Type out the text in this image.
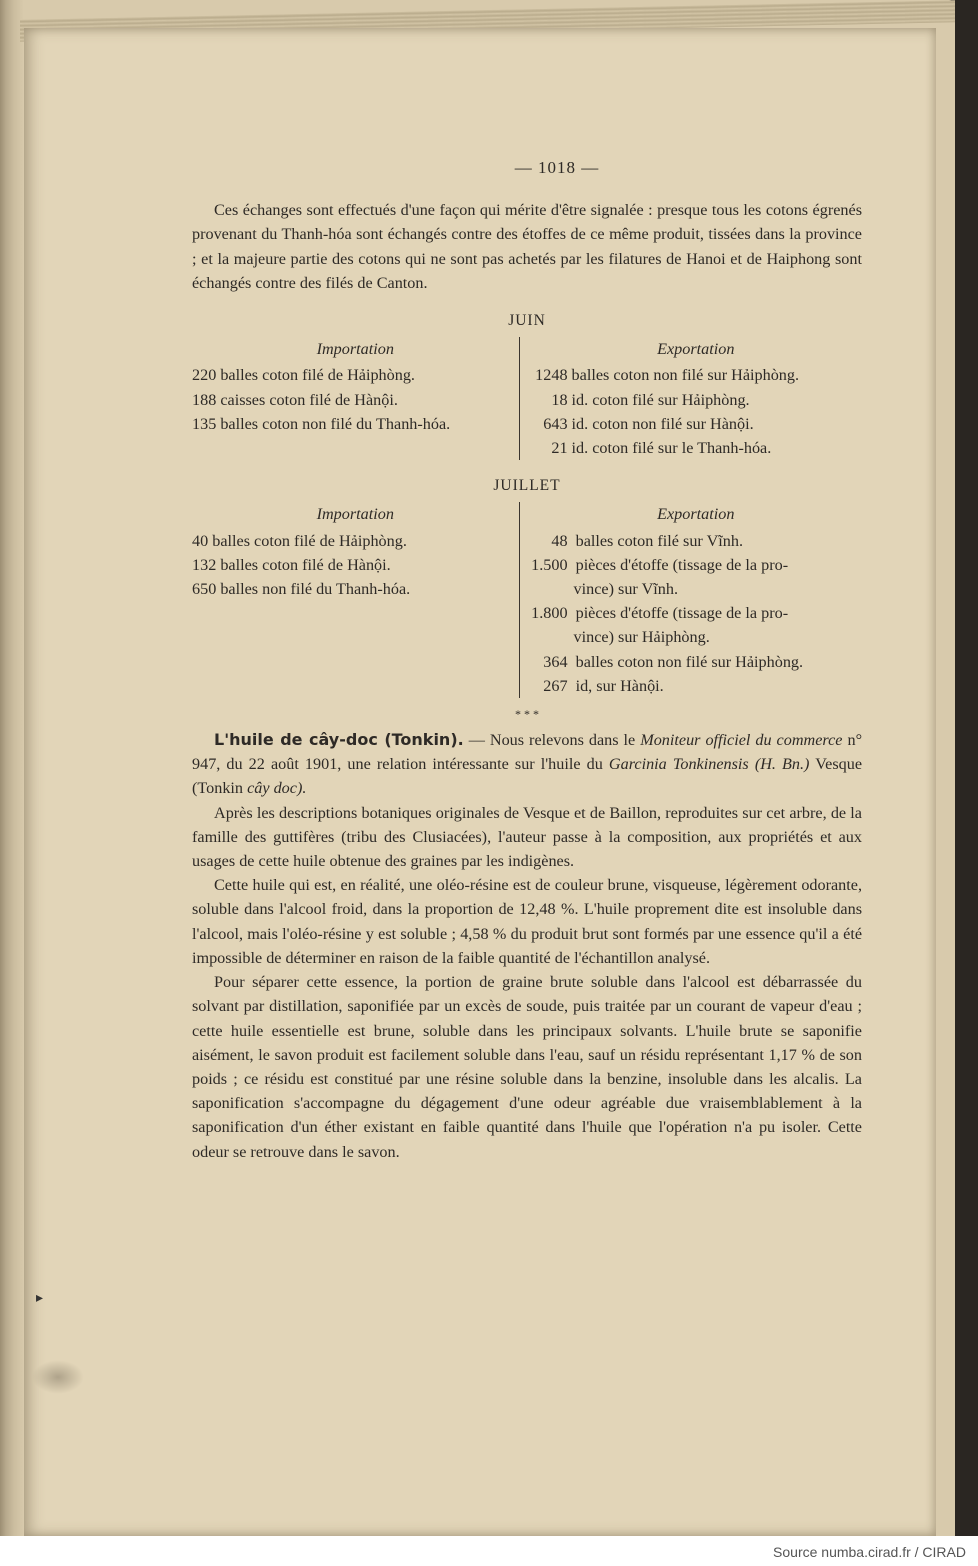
▸
— 1018 —

Ces échanges sont effectués d'une façon qui mérite d'être signalée : presque tous les cotons égrenés provenant du Thanh-hóa sont échangés contre des étoffes de ce même produit, tissées dans la province ; et la majeure partie des cotons qui ne sont pas achetés par les filatures de Hanoi et de Haiphong sont échangés contre des filés de Canton.

JUIN
Importation
220 balles coton filé de Hảiphòng.
188 caisses coton filé de Hànội.
135 balles coton non filé du Thanh-hóa.
Exportation
1248 balles coton non filé sur Hảiphòng.
18 id. coton filé sur Hảiphòng.
643 id. coton non filé sur Hànội.
21 id. coton filé sur le Thanh-hóa.
JUILLET
Importation
40 balles coton filé de Hảiphòng.
132 balles coton filé de Hànội.
650 balles non filé du Thanh-hóa.
Exportation
48 balles coton filé sur Vĩnh.
1.500 pièces d'étoffe (tissage de la pro-
vince) sur Vĩnh.
1.800 pièces d'étoffe (tissage de la pro-
vince) sur Hảiphòng.
364 balles coton non filé sur Hảiphòng.
267 id, sur Hànội.
* * *

L'huile de cây-doc (Tonkin). — Nous relevons dans le Moniteur officiel du commerce n° 947, du 22 août 1901, une relation intéressante sur l'huile du Garcinia Tonkinensis (H. Bn.) Vesque (Tonkin cây doc).

Après les descriptions botaniques originales de Vesque et de Baillon, reproduites sur cet arbre, de la famille des guttifères (tribu des Clusiacées), l'auteur passe à la composition, aux propriétés et aux usages de cette huile obtenue des graines par les indigènes.

Cette huile qui est, en réalité, une oléo-résine est de couleur brune, visqueuse, légèrement odorante, soluble dans l'alcool froid, dans la proportion de 12,48 %. L'huile proprement dite est insoluble dans l'alcool, mais l'oléo-résine y est soluble ; 4,58 % du produit brut sont formés par une essence qu'il a été impossible de déterminer en raison de la faible quantité de l'échantillon analysé.

Pour séparer cette essence, la portion de graine brute soluble dans l'alcool est débarrassée du solvant par distillation, saponifiée par un excès de soude, puis traitée par un courant de vapeur d'eau ; cette huile essentielle est brune, soluble dans les principaux solvants. L'huile brute se saponifie aisément, le savon produit est facilement soluble dans l'eau, sauf un résidu représentant 1,17 % de son poids ; ce résidu est constitué par une résine soluble dans la benzine, insoluble dans les alcalis. La saponification s'accompagne du dégagement d'une odeur agréable due vraisemblablement à la saponification d'un éther existant en faible quantité dans l'huile que l'opération n'a pu isoler. Cette odeur se retrouve dans le savon.

Source numba.cirad.fr / CIRAD
